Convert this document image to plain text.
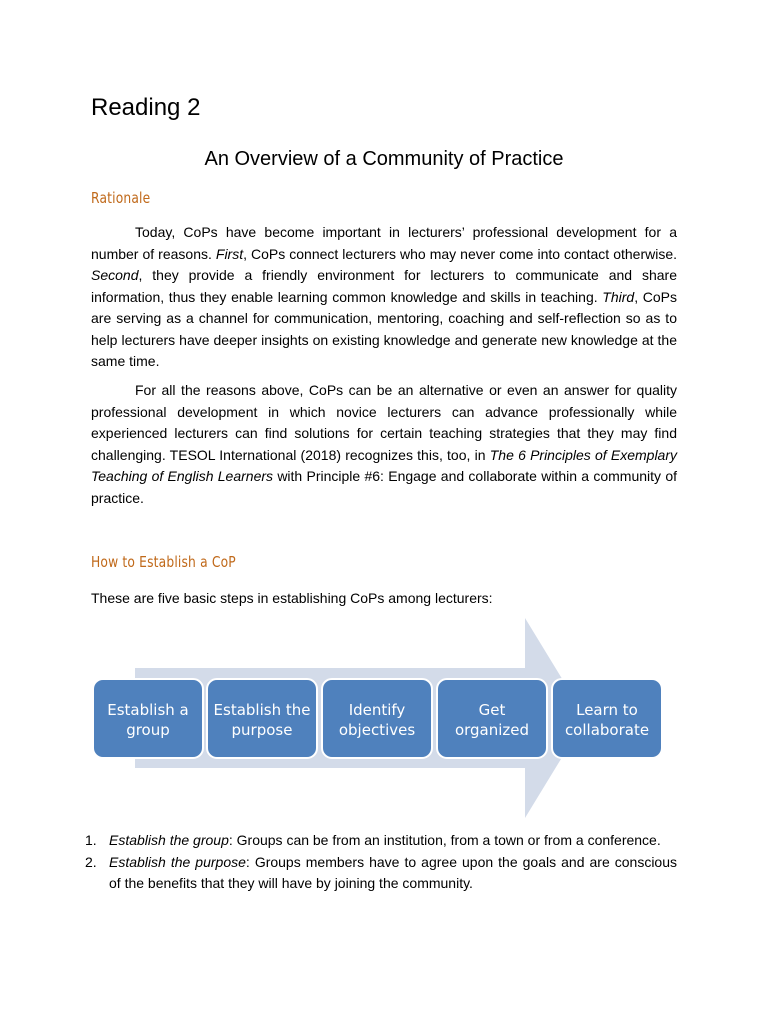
Reading 2
An Overview of a Community of Practice
Rationale
Today, CoPs have become important in lecturers’ professional development for a number of reasons. First, CoPs connect lecturers who may never come into contact otherwise. Second, they provide a friendly environment for lecturers to communicate and share information, thus they enable learning common knowledge and skills in teaching. Third, CoPs are serving as a channel for communication, mentoring, coaching and self-reflection so as to help lecturers have deeper insights on existing knowledge and generate new knowledge at the same time.
For all the reasons above, CoPs can be an alternative or even an answer for quality professional development in which novice lecturers can advance professionally while experienced lecturers can find solutions for certain teaching strategies that they may find challenging. TESOL International (2018) recognizes this, too, in The 6 Principles of Exemplary Teaching of English Learners with Principle #6: Engage and collaborate within a community of practice.
How to Establish a CoP
These are five basic steps in establishing CoPs among lecturers:
Establish a
group
Establish the
purpose
Identify
objectives
Get
organized
Learn to
collaborate
1. Establish the group: Groups can be from an institution, from a town or from a conference.
2. Establish the purpose: Groups members have to agree upon the goals and are conscious of the benefits that they will have by joining the community.
